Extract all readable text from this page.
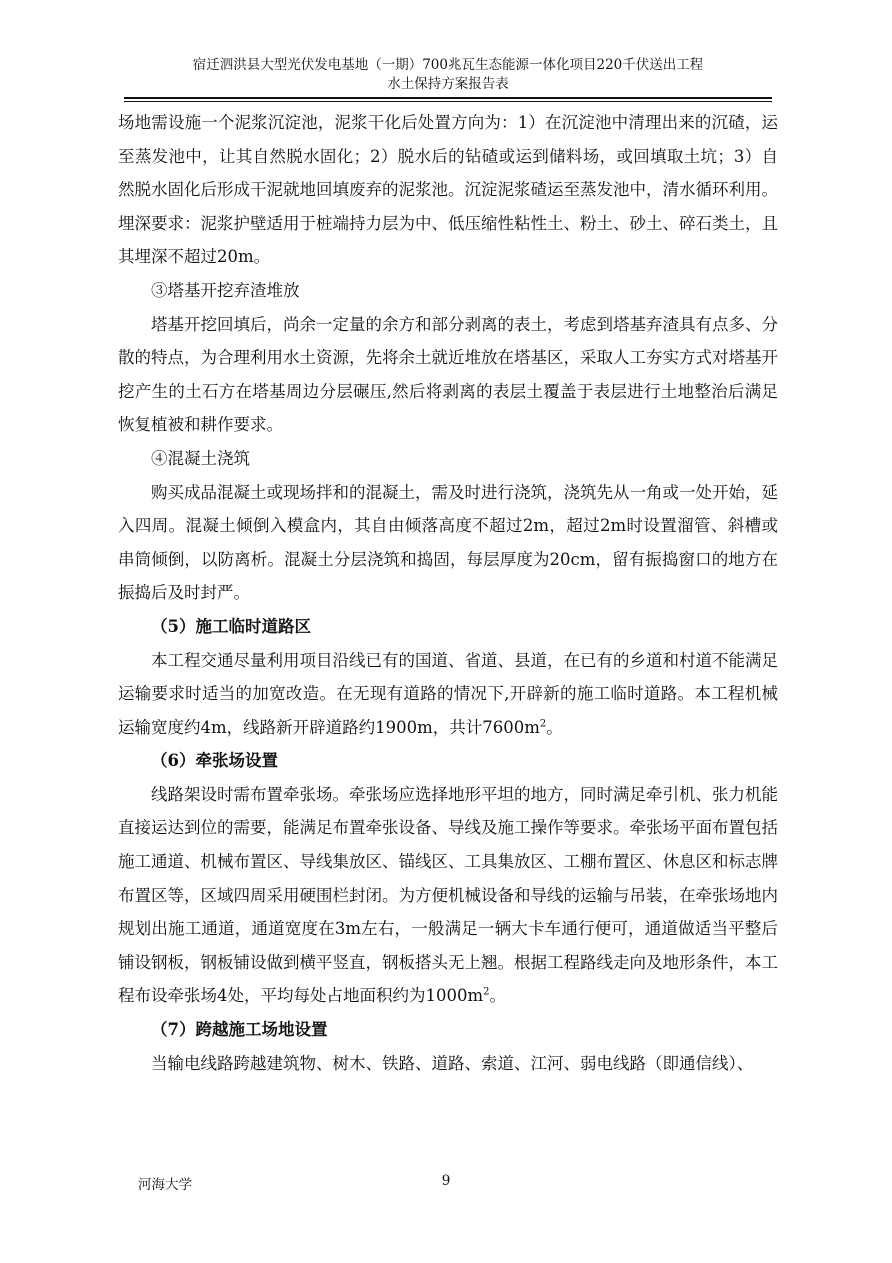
宿迁泗洪县大型光伏发电基地（一期）700兆瓦生态能源一体化项目220千伏送出工程
水土保持方案报告表

场地需设施一个泥浆沉淀池，泥浆干化后处置方向为：1）在沉淀池中清理出来的沉碴，运至蒸发池中，让其自然脱水固化；2）脱水后的钻碴或运到储料场，或回填取土坑；3）自然脱水固化后形成干泥就地回填废弃的泥浆池。沉淀泥浆碴运至蒸发池中，清水循环利用。埋深要求：泥浆护壁适用于桩端持力层为中、低压缩性粘性土、粉土、砂土、碎石类土，且其埋深不超过20m。

③塔基开挖弃渣堆放

塔基开挖回填后，尚余一定量的余方和部分剥离的表土，考虑到塔基弃渣具有点多、分散的特点，为合理利用水土资源，先将余土就近堆放在塔基区，采取人工夯实方式对塔基开挖产生的土石方在塔基周边分层碾压,然后将剥离的表层土覆盖于表层进行土地整治后满足恢复植被和耕作要求。

④混凝土浇筑

购买成品混凝土或现场拌和的混凝土，需及时进行浇筑，浇筑先从一角或一处开始，延入四周。混凝土倾倒入模盒内，其自由倾落高度不超过2m，超过2m时设置溜管、斜槽或串筒倾倒，以防离析。混凝土分层浇筑和捣固，每层厚度为20cm，留有振捣窗口的地方在振捣后及时封严。

（5）施工临时道路区

本工程交通尽量利用项目沿线已有的国道、省道、县道，在已有的乡道和村道不能满足运输要求时适当的加宽改造。在无现有道路的情况下,开辟新的施工临时道路。本工程机械运输宽度约4m，线路新开辟道路约1900m，共计$7600m^2$。

（6）牵张场设置

线路架设时需布置牵张场。牵张场应选择地形平坦的地方，同时满足牵引机、张力机能直接运达到位的需要，能满足布置牵张设备、导线及施工操作等要求。牵张场平面布置包括施工通道、机械布置区、导线集放区、锚线区、工具集放区、工棚布置区、休息区和标志牌布置区等，区域四周采用硬围栏封闭。为方便机械设备和导线的运输与吊装，在牵张场地内规划出施工通道，通道宽度在3m左右，一般满足一辆大卡车通行便可，通道做适当平整后铺设钢板，钢板铺设做到横平竖直，钢板搭头无上翘。根据工程路线走向及地形条件，本工程布设牵张场4处，平均每处占地面积约为$1000m^2$。

（7）跨越施工场地设置

当输电线路跨越建筑物、树木、铁路、道路、索道、江河、弱电线路（即通信线）、

河海大学	9
